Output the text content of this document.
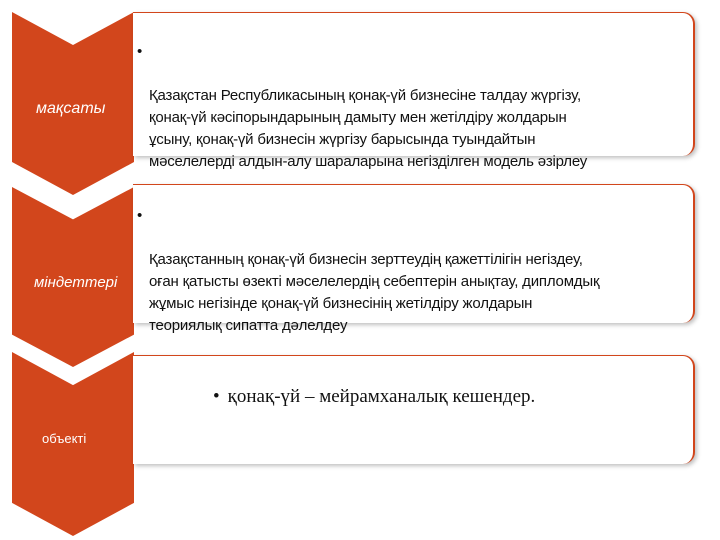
мақсаты

•

Қазақстан Республикасының қонақ-үй бизнесіне талдау жүргізу,
қонақ-үй кәсіпорындарының дамыту мен жетілдіру жолдарын
ұсыну, қонақ-үй бизнесін жүргізу барысында туындайтын
мәселелерді алдын-алу шараларына негізділген модель әзірлеу

міндеттері

•

Қазақстанның қонақ-үй бизнесін зерттеудің қажеттілігін негіздеу,
оған қатысты өзекті мәселелердің себептерін анықтау, дипломдық
жұмыс негізінде қонақ-үй бизнесінің жетілдіру жолдарын
теориялық сипатта дәлелдеу

объекті
• қонақ-үй – мейрамханалық кешендер.
